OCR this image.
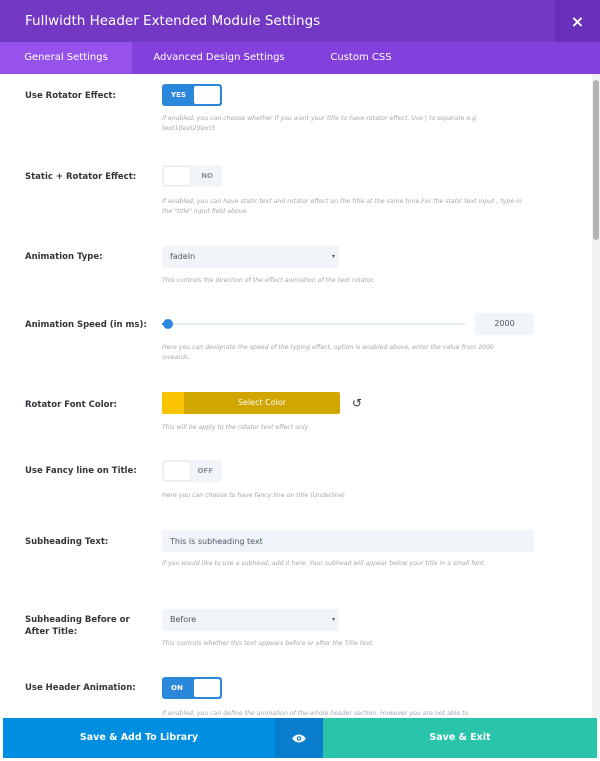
Fullwidth Header Extended Module Settings	×
General Settings	Advanced Design Settings	Custom CSS
Use Rotator Effect:	YES
If enabled, you can choose whether if you want your title to have rotator effect. Use | to separate e.g text1|text2|text3
Static + Rotator Effect:	NO
If enabled, you can have static text and rotator effect on the title at the same time.For the static text input , type in the "title" input field above.
Animation Type:	fadeIn	▾
This controls the direction of the effect animation of the text rotator.
Animation Speed (in ms):	2000
Here you can designate the speed of the typing effect, option is enabled above, enter the value from 2000 onwards.
Rotator Font Color:	Select Color	↺
This will be apply to the rotator text effect only
Use Fancy line on Title:	OFF
Here you can choose to have fancy line on title (Underline)
Subheading Text:
This is subheading text
If you would like to use a subhead, add it here. Your subhead will appear below your title in a small font.
Subheading Before or
After Title:
Before	▾
This controls whether this text appears before or after the Title text.
Use Header Animation:	ON
If enabled, you can define the animation of the whole header section. However you are not able to
Save & Add To Library	Save & Exit
